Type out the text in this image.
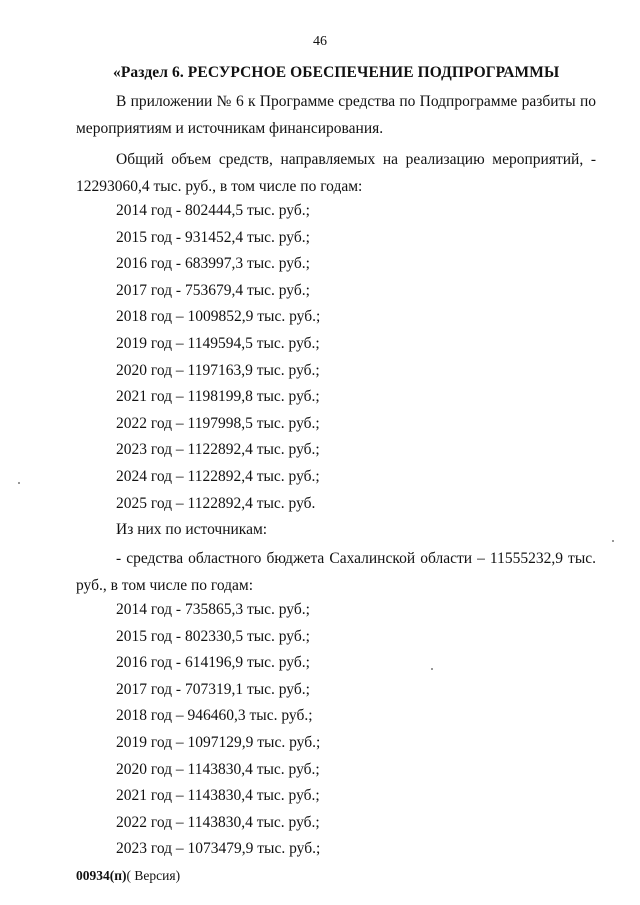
46
«Раздел 6. РЕСУРСНОЕ ОБЕСПЕЧЕНИЕ ПОДПРОГРАММЫ
В приложении № 6 к Программе средства по Подпрограмме разбиты по мероприятиям и источникам финансирования.
Общий объем средств, направляемых на реализацию мероприятий, - 12293060,4 тыс. руб., в том числе по годам:
2014 год - 802444,5 тыс. руб.;
2015 год - 931452,4 тыс. руб.;
2016 год - 683997,3 тыс. руб.;
2017 год - 753679,4 тыс. руб.;
2018 год – 1009852,9 тыс. руб.;
2019 год – 1149594,5 тыс. руб.;
2020 год – 1197163,9 тыс. руб.;
2021 год – 1198199,8 тыс. руб.;
2022 год – 1197998,5 тыс. руб.;
2023 год – 1122892,4 тыс. руб.;
2024 год – 1122892,4 тыс. руб.;
2025 год – 1122892,4 тыс. руб.
Из них по источникам:
- средства областного бюджета Сахалинской области – 11555232,9 тыс. руб., в том числе по годам:
2014 год - 735865,3 тыс. руб.;
2015 год - 802330,5 тыс. руб.;
2016 год - 614196,9 тыс. руб.;
2017 год - 707319,1 тыс. руб.;
2018 год – 946460,3 тыс. руб.;
2019 год – 1097129,9 тыс. руб.;
2020 год – 1143830,4 тыс. руб.;
2021 год – 1143830,4 тыс. руб.;
2022 год – 1143830,4 тыс. руб.;
2023 год – 1073479,9 тыс. руб.;
00934(п)( Версия)
